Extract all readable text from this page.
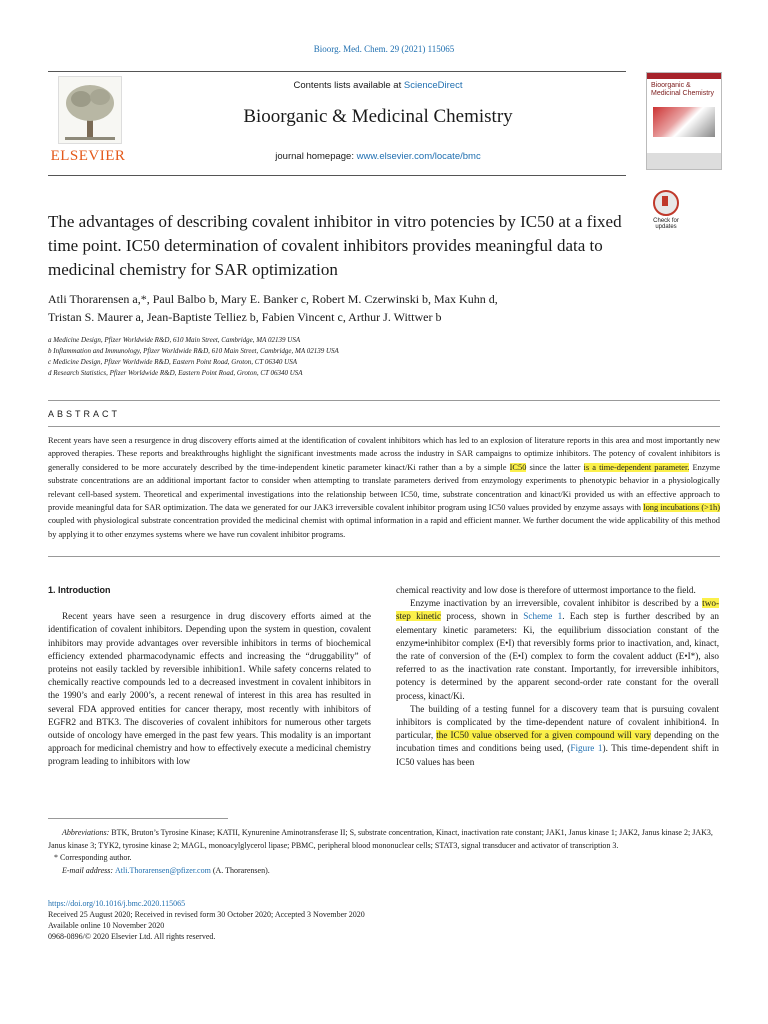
Bioorg. Med. Chem. 29 (2021) 115065
ELSEVIER
Contents lists available at ScienceDirect
Bioorganic & Medicinal Chemistry
journal homepage: www.elsevier.com/locate/bmc
Bioorganic & Medicinal Chemistry
Check for updates
The advantages of describing covalent inhibitor in vitro potencies by IC50 at a fixed time point. IC50 determination of covalent inhibitors provides meaningful data to medicinal chemistry for SAR optimization
Atli Thorarensen a,*, Paul Balbo b, Mary E. Banker c, Robert M. Czerwinski b, Max Kuhn d,
Tristan S. Maurer a, Jean-Baptiste Telliez b, Fabien Vincent c, Arthur J. Wittwer b
a Medicine Design, Pfizer Worldwide R&D, 610 Main Street, Cambridge, MA 02139 USA
b Inflammation and Immunology, Pfizer Worldwide R&D, 610 Main Street, Cambridge, MA 02139 USA
c Medicine Design, Pfizer Worldwide R&D, Eastern Point Road, Groton, CT 06340 USA
d Research Statistics, Pfizer Worldwide R&D, Eastern Point Road, Groton, CT 06340 USA
ABSTRACT
Recent years have seen a resurgence in drug discovery efforts aimed at the identification of covalent inhibitors which has led to an explosion of literature reports in this area and most importantly new approved therapies. These reports and breakthroughs highlight the significant investments made across the industry in SAR campaigns to optimize inhibitors. The potency of covalent inhibitors is generally considered to be more accurately described by the time-independent kinetic parameter kinact/Ki rather than a by a simple IC50 since the latter is a time-dependent parameter. Enzyme substrate concentrations are an additional important factor to consider when attempting to translate parameters derived from enzymology experiments to phenotypic behavior in a physiologically relevant cell-based system. Theoretical and experimental investigations into the relationship between IC50, time, substrate concentration and kinact/Ki provided us with an effective approach to provide meaningful data for SAR optimization. The data we generated for our JAK3 irreversible covalent inhibitor program using IC50 values provided by enzyme assays with long incubations (>1h) coupled with physiological substrate concentration provided the medicinal chemist with optimal information in a rapid and efficient manner. We further document the wide applicability of this method by applying it to other enzymes systems where we have run covalent inhibitor programs.

1. Introduction

Recent years have seen a resurgence in drug discovery efforts aimed at the identification of covalent inhibitors. Depending upon the system in question, covalent inhibitors may provide advantages over reversible inhibitors in terms of biochemical efficiency extended pharmacodynamic effects and increasing the “druggability” of proteins not easily tackled by reversible inhibition1. While safety concerns related to chemically reactive compounds led to a decreased investment in covalent inhibitors in the 1990’s and early 2000’s, a recent renewal of interest in this area has resulted in several FDA approved entities for cancer therapy, most recently with inhibitors of EGFR2 and BTK3. The discoveries of covalent inhibitors for numerous other targets outside of oncology have emerged in the past few years. This modality is an important approach for medicinal chemistry and how to effectively execute a medicinal chemistry program leading to inhibitors with low

chemical reactivity and low dose is therefore of uttermost importance to the field.

Enzyme inactivation by an irreversible, covalent inhibitor is described by a two-step kinetic process, shown in Scheme 1. Each step is further described by an elementary kinetic parameters: Ki, the equilibrium dissociation constant of the enzyme•inhibitor complex (E•I) that reversibly forms prior to inactivation, and, kinact, the rate of conversion of the (E•I) complex to form the covalent adduct (E•I*), also referred to as the inactivation rate constant. Importantly, for irreversible inhibitors, potency is determined by the apparent second-order rate constant for the overall process, kinact/Ki.

The building of a testing funnel for a discovery team that is pursuing covalent inhibitors is complicated by the time-dependent nature of covalent inhibition4. In particular, the IC50 value observed for a given compound will vary depending on the incubation times and conditions being used, (Figure 1). This time-dependent shift in IC50 values has been

Abbreviations: BTK, Bruton’s Tyrosine Kinase; KATII, Kynurenine Aminotransferase II; S, substrate concentration, Kinact, inactivation rate constant; JAK1, Janus kinase 1; JAK2, Janus kinase 2; JAK3, Janus kinase 3; TYK2, tyrosine kinase 2; MAGL, monoacylglycerol lipase; PBMC, peripheral blood mononuclear cells; STAT3, signal transducer and activator of transcription 3.
* Corresponding author.
E-mail address: Atli.Thorarensen@pfizer.com (A. Thorarensen).
https://doi.org/10.1016/j.bmc.2020.115065
Received 25 August 2020; Received in revised form 30 October 2020; Accepted 3 November 2020
Available online 10 November 2020
0968-0896/© 2020 Elsevier Ltd. All rights reserved.
